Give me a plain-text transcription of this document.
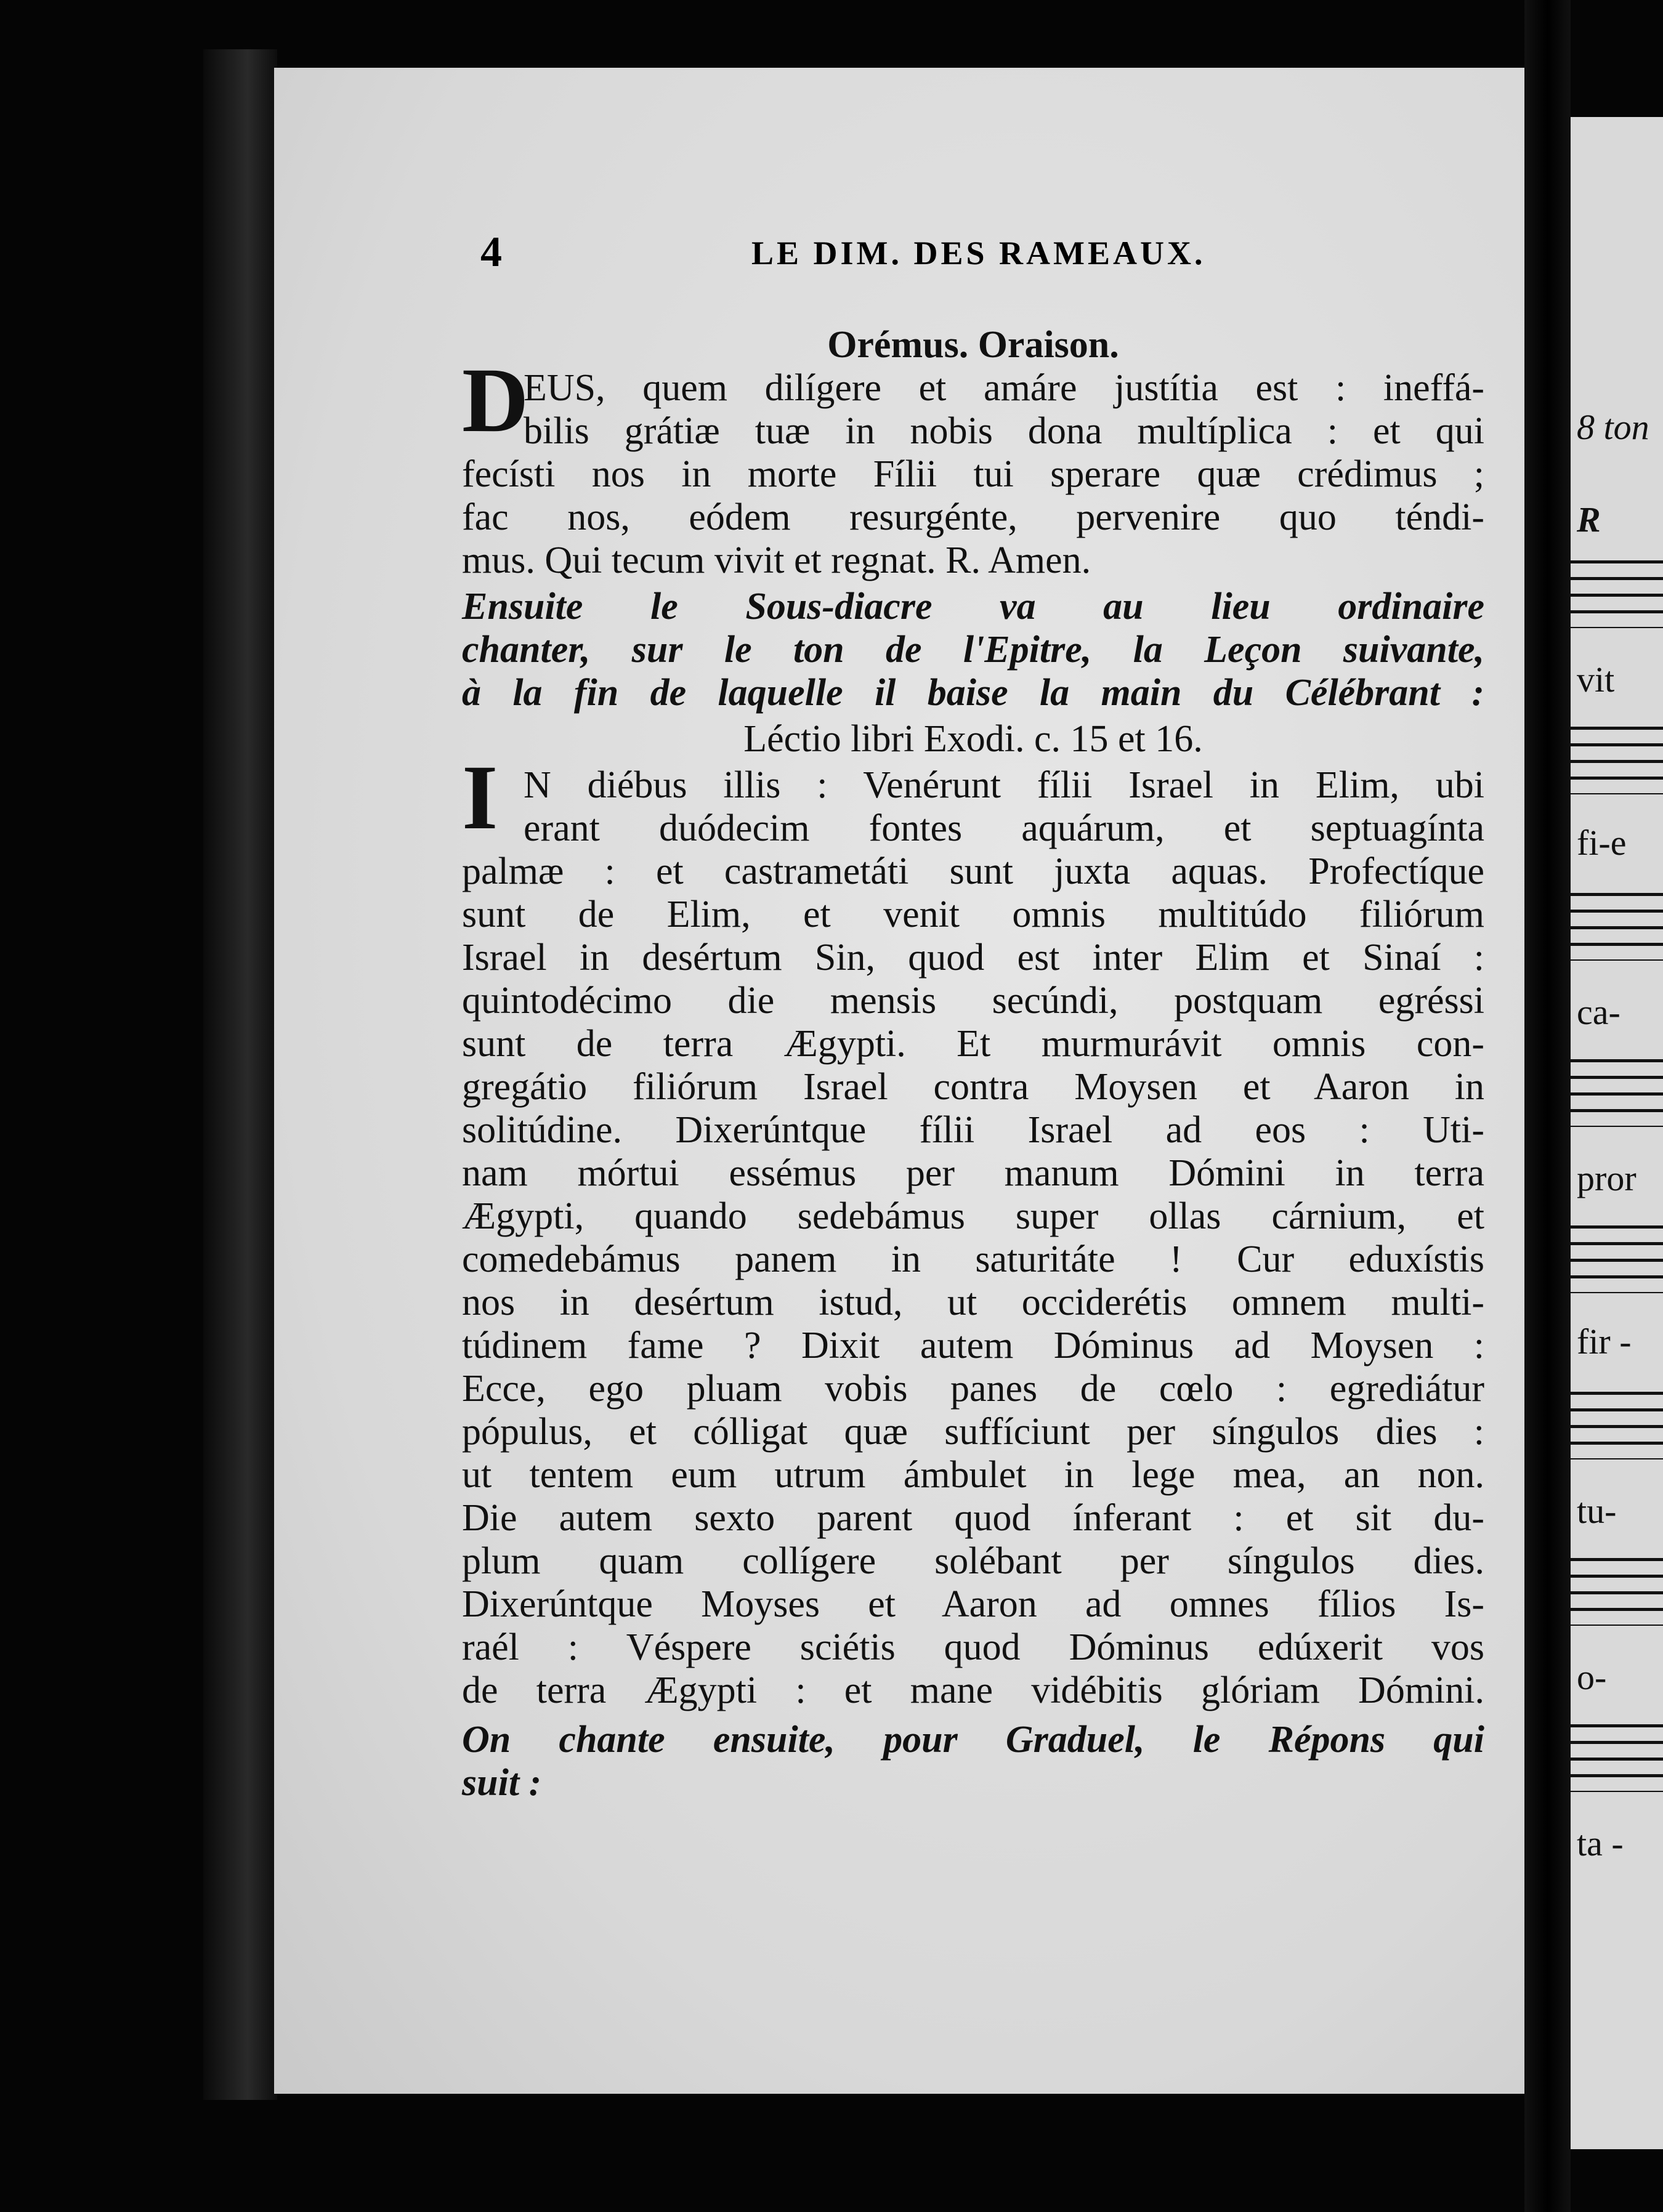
8 ton
R
vit
fi-e
ca-
pror
fir -
tu-
o-
ta -
4	LE DIM. DES RAMEAUX.
Orémus. Oraison.
D
EUS, quem dilígere et amáre justítia est : ineffá-
bilis grátiæ tuæ in nobis dona multíplica : et qui
fecísti nos in morte Fílii tui sperare quæ crédimus ;
fac nos, eódem resurgénte, pervenire quo téndi-
mus. Qui tecum vivit et regnat. R. Amen.
Ensuite le Sous-diacre va au lieu ordinaire
chanter, sur le ton de l'Epitre, la Leçon suivante,
à la fin de laquelle il baise la main du Célébrant :
Léctio libri Exodi. c. 15 et 16.
I N diébus illis : Venérunt fílii Israel in Elim, ubi
erant duódecim fontes aquárum, et septuagínta
palmæ : et castrametáti sunt juxta aquas. Profectíque
sunt de Elim, et venit omnis multitúdo filiórum
Israel in desértum Sin, quod est inter Elim et Sinaí :
quintodécimo die mensis secúndi, postquam egréssi
sunt de terra Ægypti. Et murmurávit omnis con-
gregátio filiórum Israel contra Moysen et Aaron in
solitúdine. Dixerúntque fílii Israel ad eos : Uti-
nam mórtui essémus per manum Dómini in terra
Ægypti, quando sedebámus super ollas cárnium, et
comedebámus panem in saturitáte ! Cur eduxístis
nos in desértum istud, ut occiderétis omnem multi-
túdinem fame ? Dixit autem Dóminus ad Moysen :
Ecce, ego pluam vobis panes de cœlo : egrediátur
pópulus, et cólligat quæ suffíciunt per síngulos dies :
ut tentem eum utrum ámbulet in lege mea, an non.
Die autem sexto parent quod ínferant : et sit du-
plum quam collígere solébant per síngulos dies.
Dixerúntque Moyses et Aaron ad omnes fílios Is-
raél : Véspere sciétis quod Dóminus edúxerit vos
de terra Ægypti : et mane vidébitis glóriam Dómini.
On chante ensuite, pour Graduel, le Répons qui
suit :
